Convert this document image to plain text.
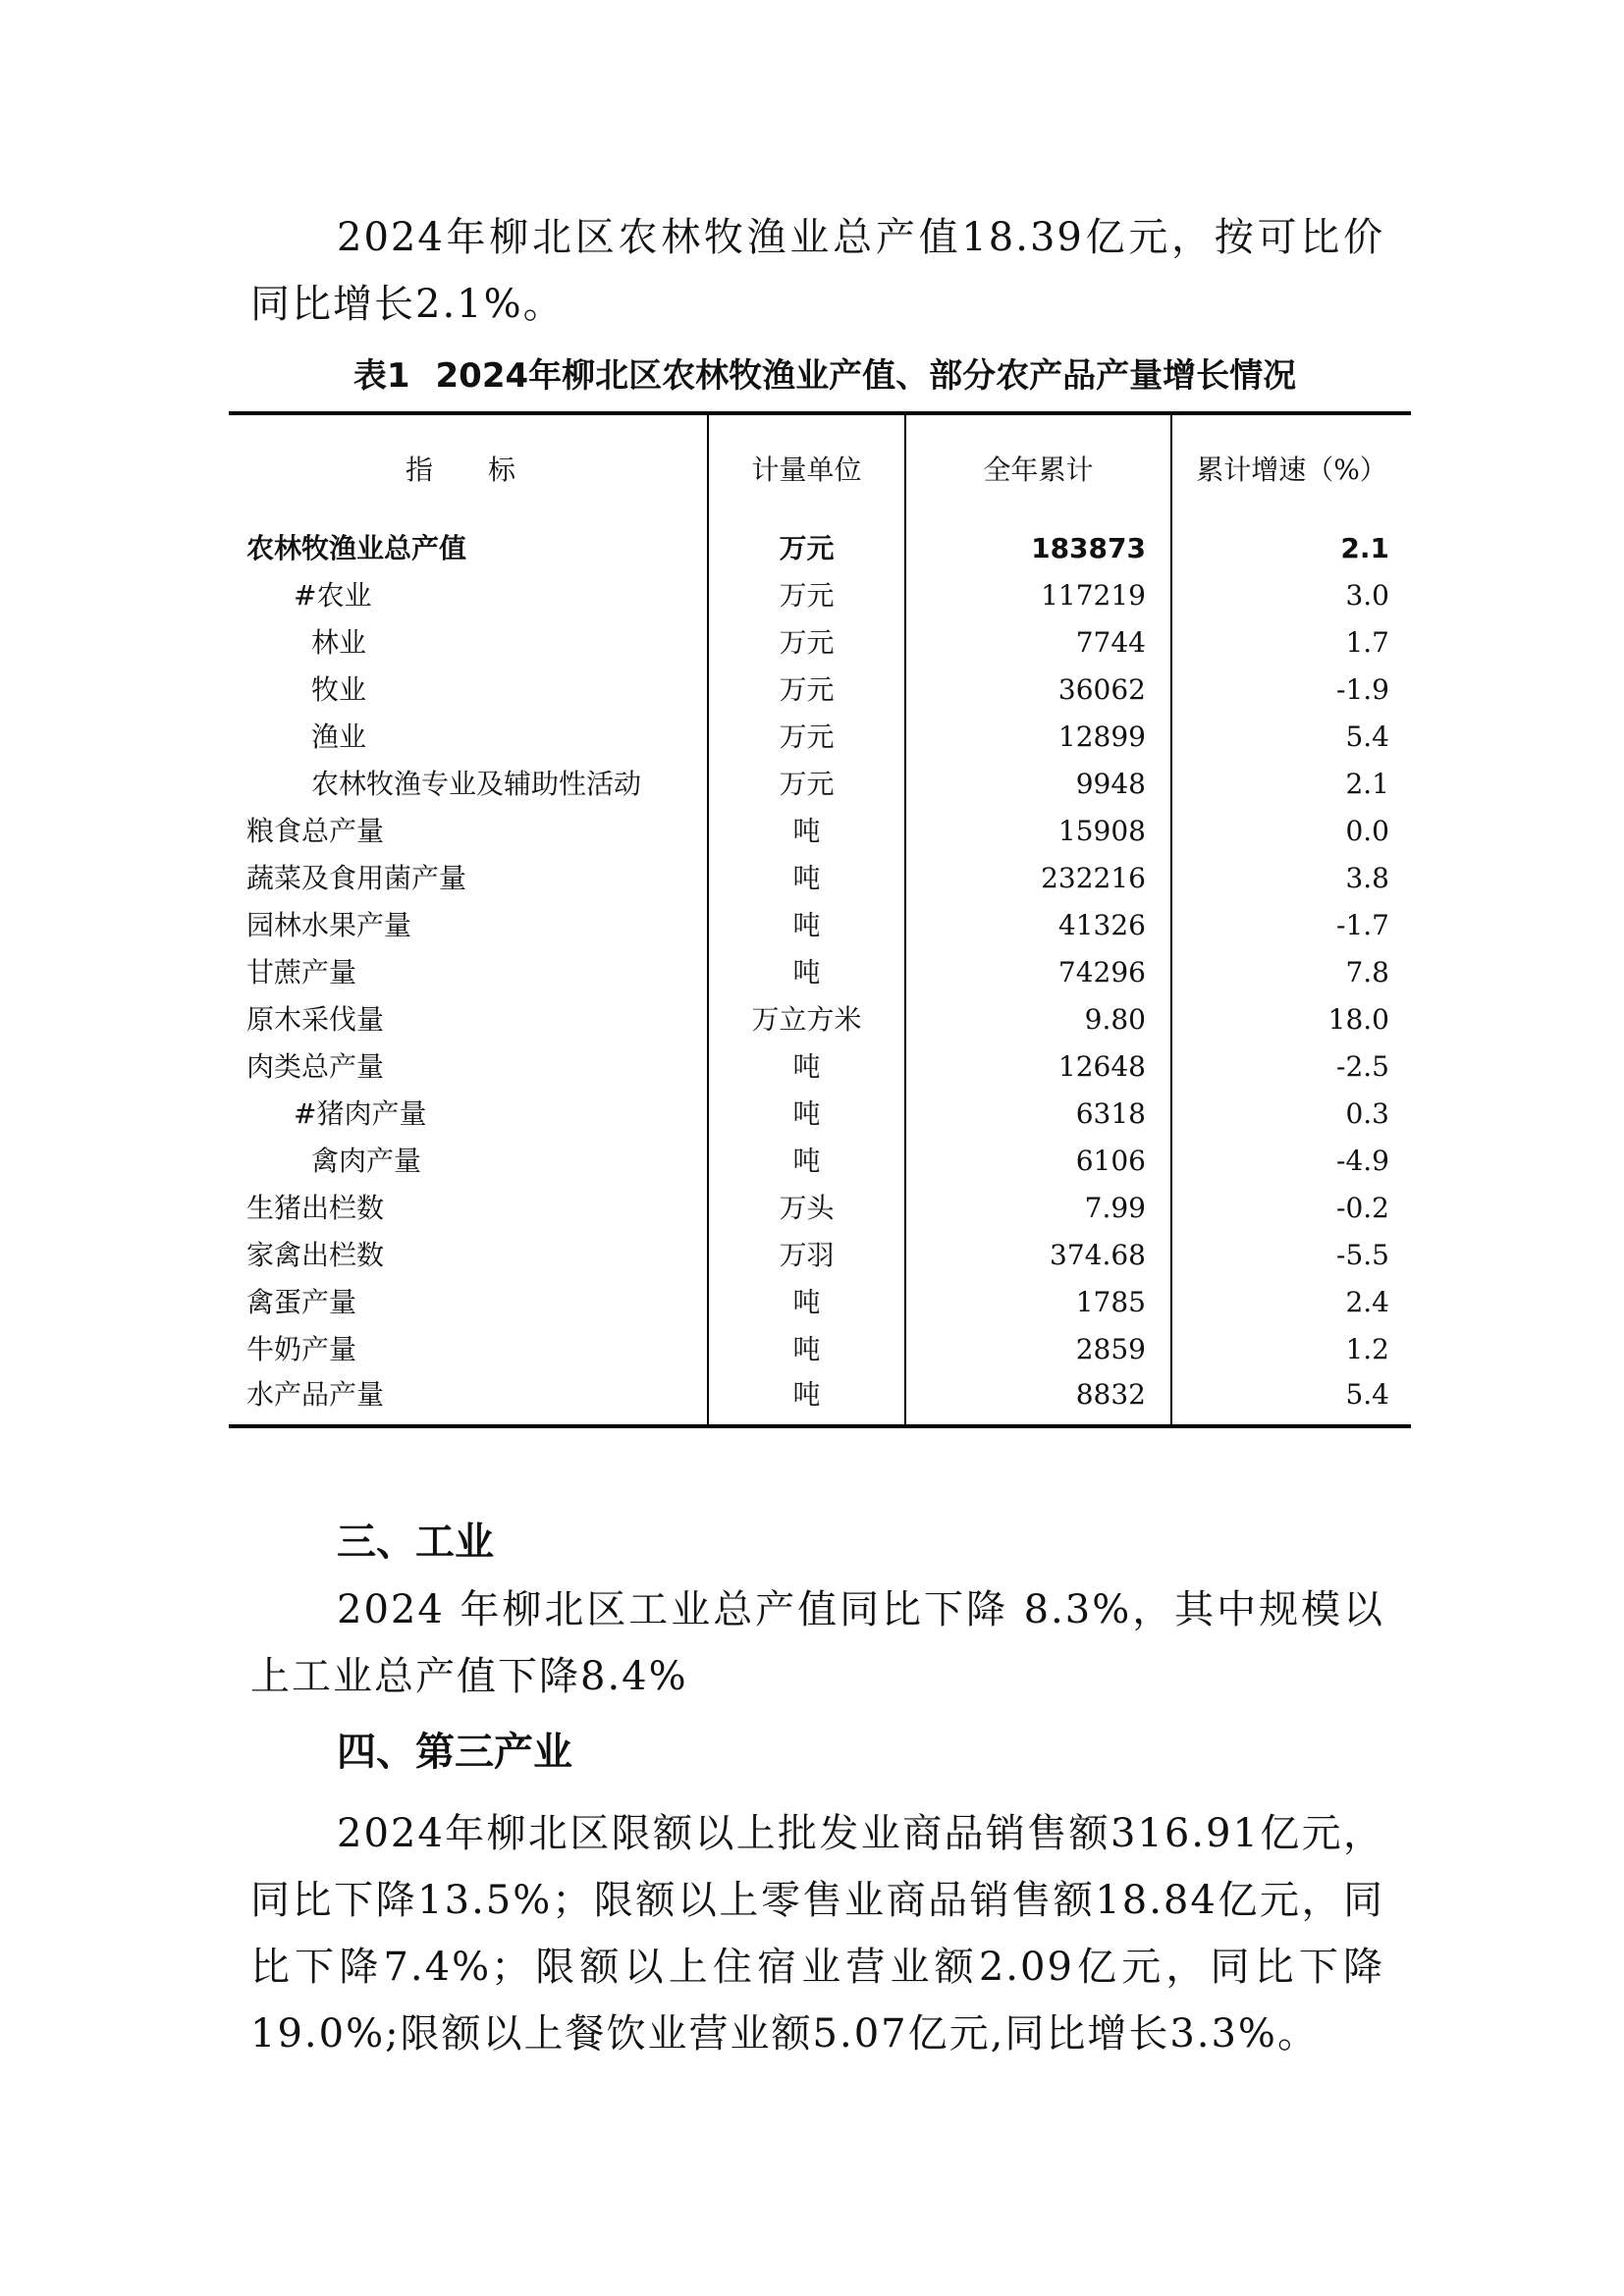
2024年柳北区农林牧渔业总产值18.39亿元，按可比价同比增长2.1%。

表1 2024年柳北区农林牧渔业产值、部分农产品产量增长情况
指　　标	计量单位	全年累计	累计增速（%）
农林牧渔业总产值	万元	183873	2.1
#农业	万元	117219	3.0
林业	万元	7744	1.7
牧业	万元	36062	-1.9
渔业	万元	12899	5.4
农林牧渔专业及辅助性活动	万元	9948	2.1
粮食总产量	吨	15908	0.0
蔬菜及食用菌产量	吨	232216	3.8
园林水果产量	吨	41326	-1.7
甘蔗产量	吨	74296	7.8
原木采伐量	万立方米	9.80	18.0
肉类总产量	吨	12648	-2.5
#猪肉产量	吨	6318	0.3
禽肉产量	吨	6106	-4.9
生猪出栏数	万头	7.99	-0.2
家禽出栏数	万羽	374.68	-5.5
禽蛋产量	吨	1785	2.4
牛奶产量	吨	2859	1.2
水产品产量	吨	8832	5.4
三、工业

2024 年柳北区工业总产值同比下降 8.3%，其中规模以上工业总产值下降8.4%

四、第三产业

2024年柳北区限额以上批发业商品销售额316.91亿元，同比下降13.5%；限额以上零售业商品销售额18.84亿元，同比下降7.4%；限额以上住宿业营业额2.09亿元，同比下降19.0%;限额以上餐饮业营业额5.07亿元,同比增长3.3%。
